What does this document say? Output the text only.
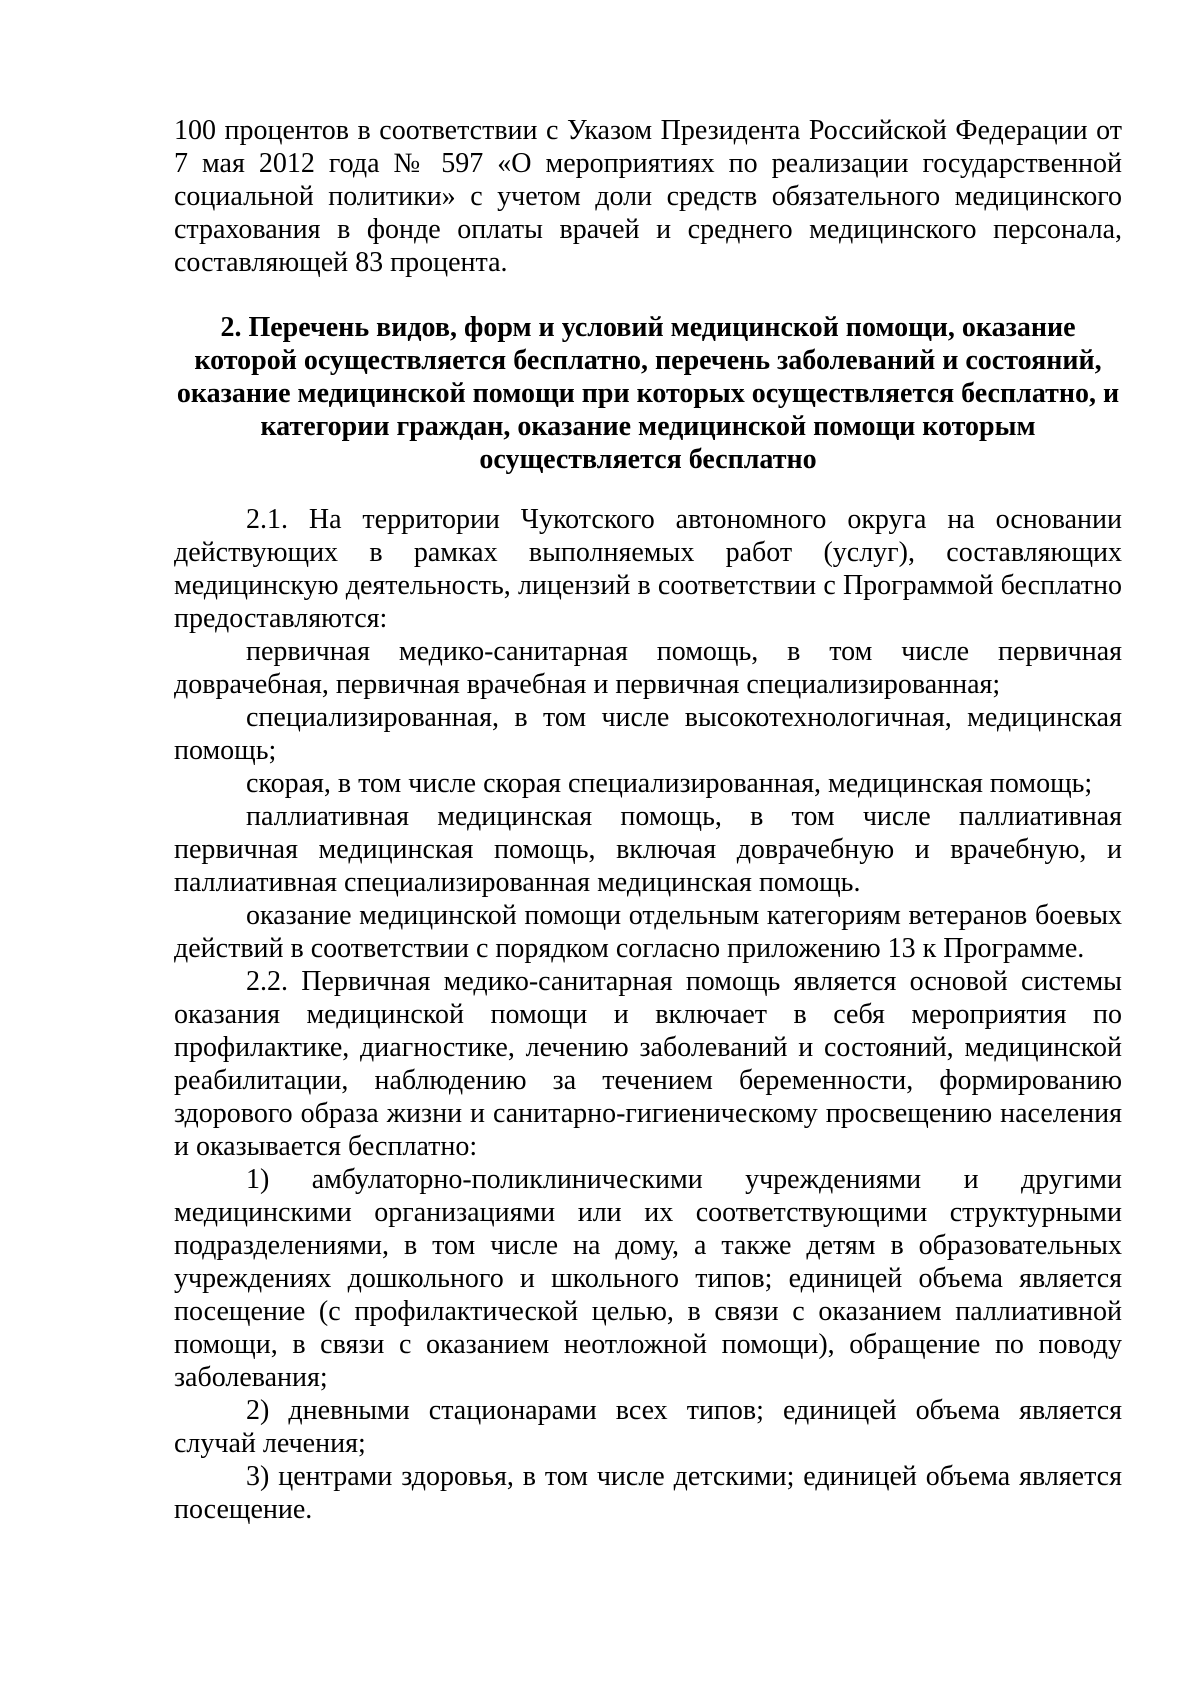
100 процентов в соответствии с Указом Президента Российской Федерации от 7 мая 2012 года № 597 «О мероприятиях по реализации государственной социальной политики» с учетом доли средств обязательного медицинского страхования в фонде оплаты врачей и среднего медицинского персонала, составляющей 83 процента.

2. Перечень видов, форм и условий медицинской помощи, оказание которой осуществляется бесплатно, перечень заболеваний и состояний, оказание медицинской помощи при которых осуществляется бесплатно, и категории граждан, оказание медицинской помощи которым осуществляется бесплатно

2.1. На территории Чукотского автономного округа на основании действующих в рамках выполняемых работ (услуг), составляющих медицинскую деятельность, лицензий в соответствии с Программой бесплатно предоставляются:

первичная медико-санитарная помощь, в том числе первичная доврачебная, первичная врачебная и первичная специализированная;

специализированная, в том числе высокотехнологичная, медицинская помощь;

скорая, в том числе скорая специализированная, медицинская помощь;

паллиативная медицинская помощь, в том числе паллиативная первичная медицинская помощь, включая доврачебную и врачебную, и паллиативная специализированная медицинская помощь.

оказание медицинской помощи отдельным категориям ветеранов боевых действий в соответствии с порядком согласно приложению 13 к Программе.

2.2. Первичная медико-санитарная помощь является основой системы оказания медицинской помощи и включает в себя мероприятия по профилактике, диагностике, лечению заболеваний и состояний, медицинской реабилитации, наблюдению за течением беременности, формированию здорового образа жизни и санитарно-гигиеническому просвещению населения и оказывается бесплатно:

1) амбулаторно-поликлиническими учреждениями и другими медицинскими организациями или их соответствующими структурными подразделениями, в том числе на дому, а также детям в образовательных учреждениях дошкольного и школьного типов; единицей объема является посещение (с профилактической целью, в связи с оказанием паллиативной помощи, в связи с оказанием неотложной помощи), обращение по поводу заболевания;

2) дневными стационарами всех типов; единицей объема является случай лечения;

3) центрами здоровья, в том числе детскими; единицей объема является посещение.
